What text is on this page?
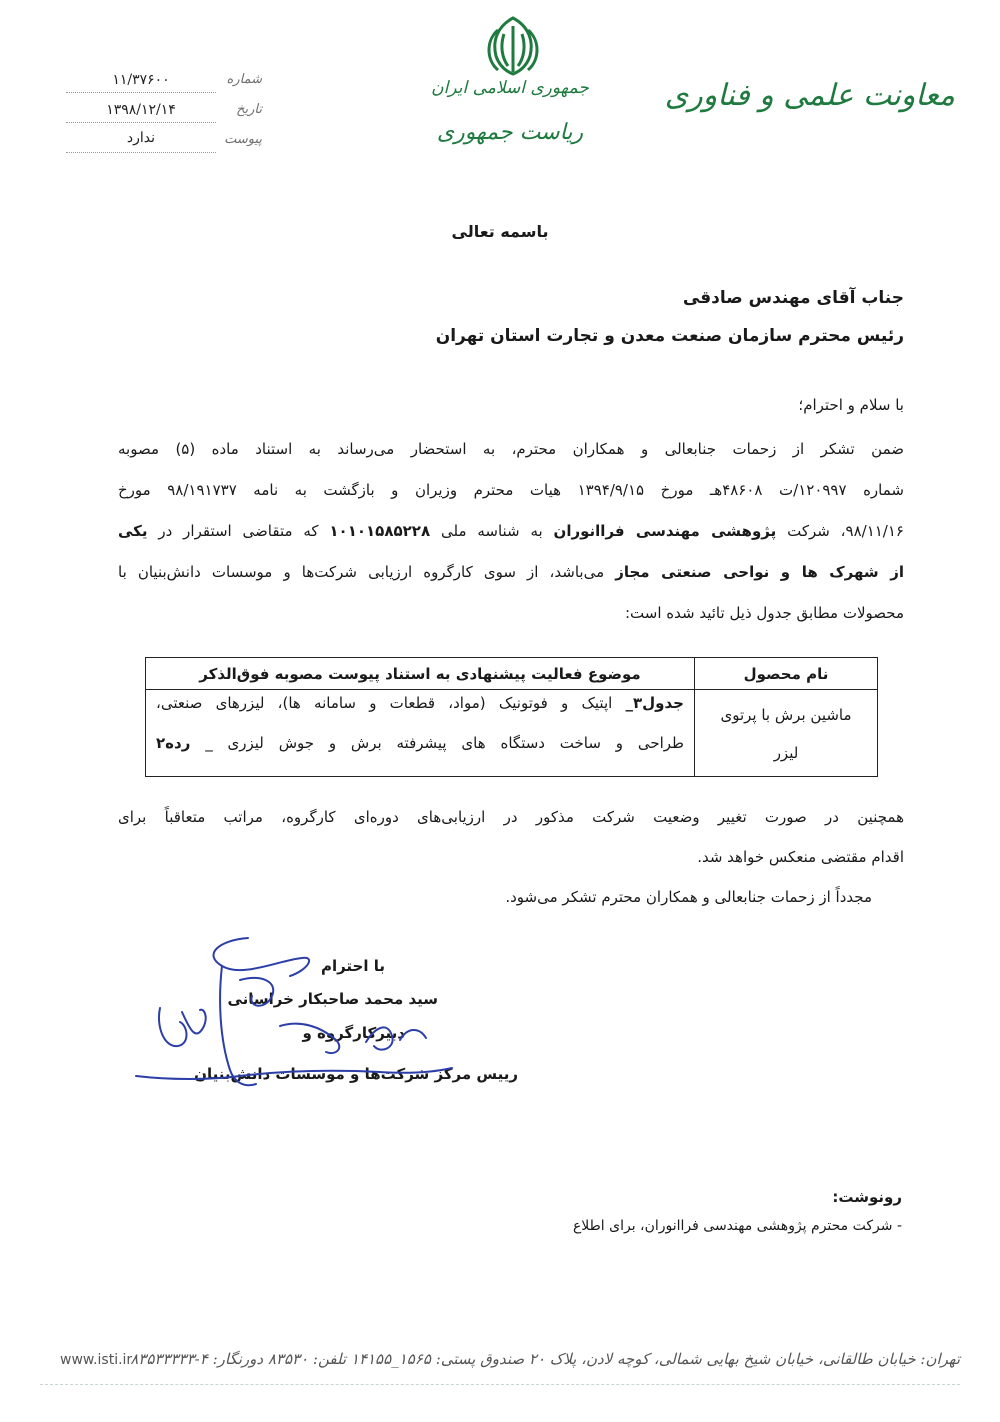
معاونت علمی و فناوری
جمهوری اسلامی ایران
ریاست جمهوری
شماره
۱۱/۳۷۶۰۰
تاریخ
۱۳۹۸/۱۲/۱۴
پیوست
ندارد
باسمه تعالی
جناب آقای مهندس صادقی
رئیس محترم سازمان صنعت معدن و تجارت استان تهران
با سلام و احترام؛
ضمن تشکر از زحمات جنابعالی و همکاران محترم، به استحضار می‌رساند به استناد ماده (۵) مصوبه
شماره ۱۲۰۹۹۷/ت ۴۸۶۰۸هـ مورخ ۱۳۹۴/۹/۱۵ هیات محترم وزیران و بازگشت به نامه ۹۸/۱۹۱۷۳۷ مورخ
۹۸/۱۱/۱۶، شرکت پژوهشی مهندسی فراانوران به شناسه ملی ۱۰۱۰۱۵۸۵۲۲۸ که متقاضی استقرار در یکی
از شهرک ها و نواحی صنعتی مجاز می‌باشد، از سوی کارگروه ارزیابی شرکت‌ها و موسسات دانش‌بنیان با
محصولات مطابق جدول ذیل تائید شده است:
نام محصول
موضوع فعالیت پیشنهادی به استناد پیوست مصوبه فوق‌الذکر
ماشین برش با پرتوی
لیزر
جدول۳_ اپتیک و فوتونیک (مواد، قطعات و سامانه ها)، لیزرهای صنعتی،
طراحی و ساخت دستگاه های پیشرفته برش و جوش لیزری _ رده۲
همچنین در صورت تغییر وضعیت شرکت مذکور در ارزیابی‌های دوره‌ای کارگروه، مراتب متعاقباً برای
اقدام مقتضی منعکس خواهد شد.
مجدداً از زحمات جنابعالی و همکاران محترم تشکر می‌شود.
با احترام
سید محمد صاحبکار خراسانی
دبیرکارگروه و
رییس مرکز شرکت‌ها و موسسات دانش‌بنیان
رونوشت:
- شرکت محترم پژوهشی مهندسی فراانوران، برای اطلاع
تهران: خیابان طالقانی، خیابان شیخ بهایی شمالی، کوچه لادن، پلاک ۲۰ صندوق پستی: ۱۵۶۵_۱۴۱۵۵ تلفن: ۸۳۵۳۰ دورنگار: ۴-۸۳۵۳۳۳۳۳
www.isti.ir
